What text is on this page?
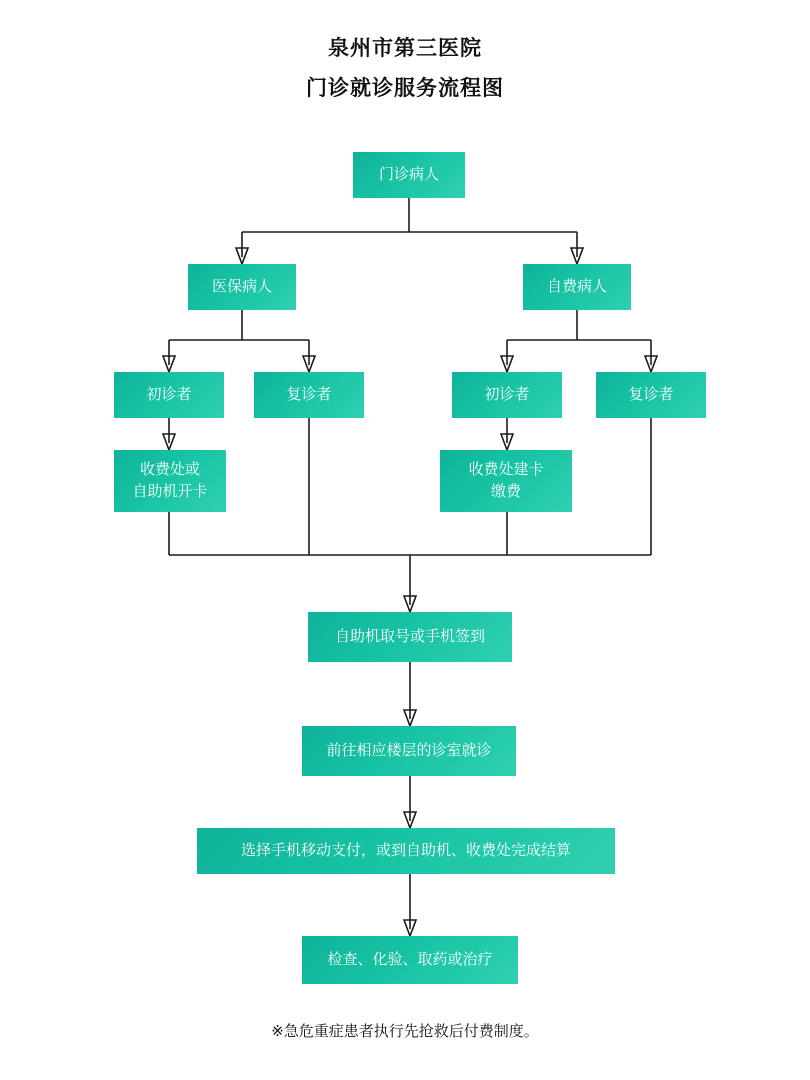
泉州市第三医院
门诊就诊服务流程图
门诊病人
医保病人	自费病人
初诊者	复诊者	初诊者	复诊者
收费处或
自助机开卡
收费处建卡
缴费
自助机取号或手机签到
前往相应楼层的诊室就诊
选择手机移动支付，或到自助机、收费处完成结算
检查、化验、取药或治疗
※急危重症患者执行先抢救后付费制度。
